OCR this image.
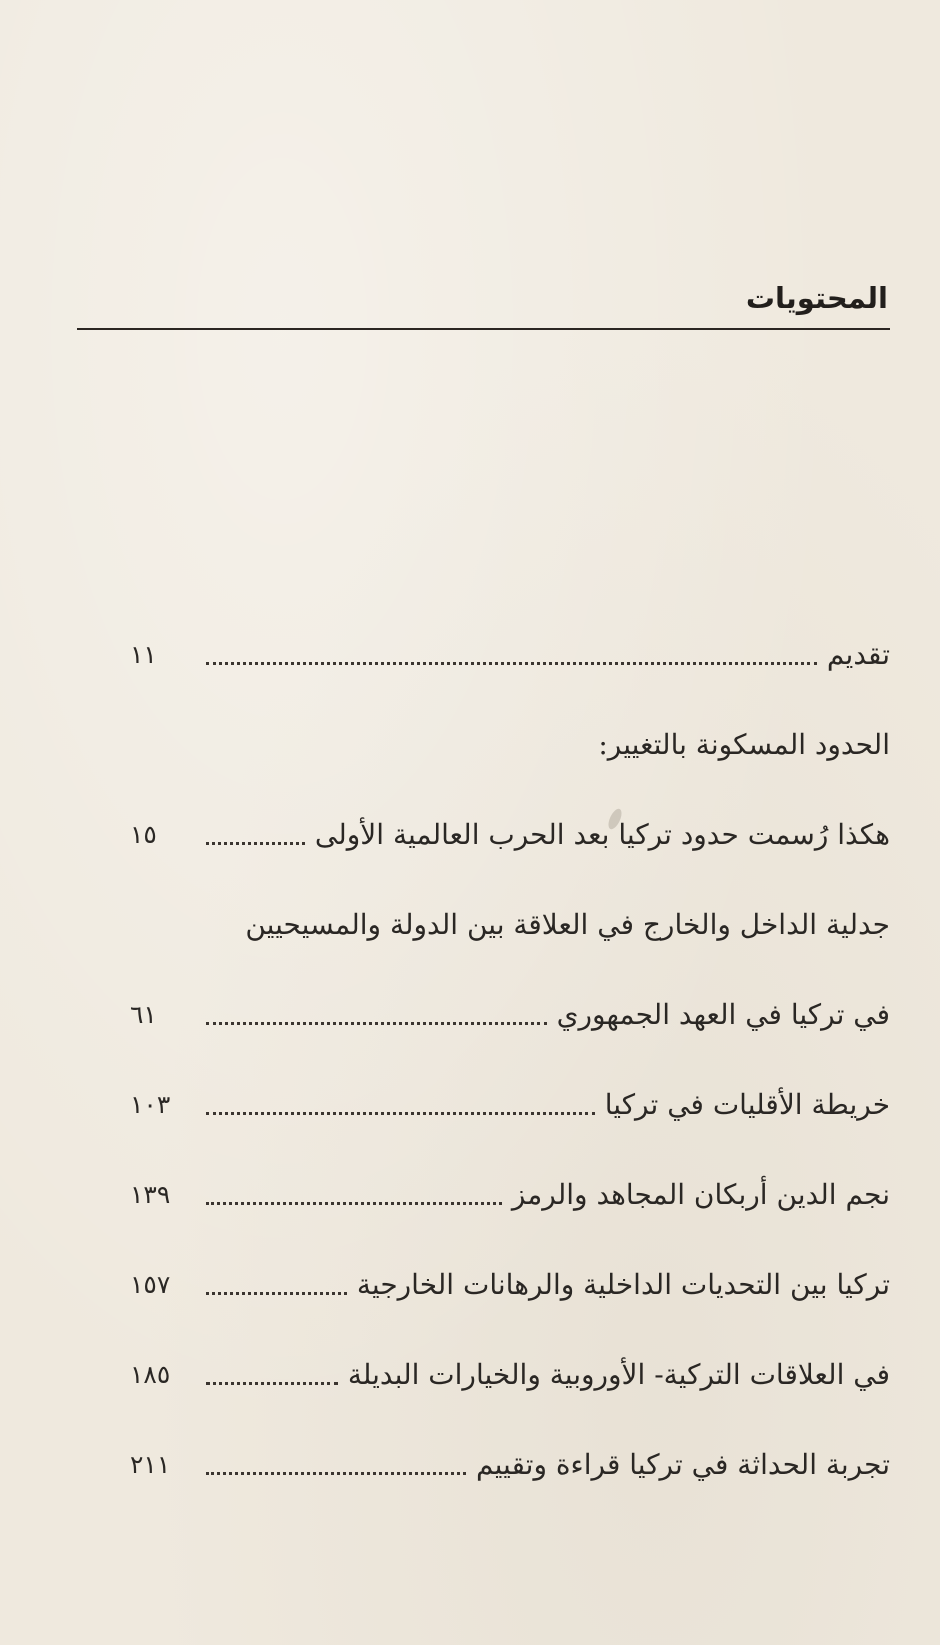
المحتويات
تقديم
١١
الحدود المسكونة بالتغيير:
هكذا رُسمت حدود تركيا بعد الحرب العالمية الأولى
١٥
جدلية الداخل والخارج في العلاقة بين الدولة والمسيحيين
في تركيا في العهد الجمهوري
٦١
خريطة الأقليات في تركيا
١٠٣
نجم الدين أربكان المجاهد والرمز
١٣٩
تركيا بين التحديات الداخلية والرهانات الخارجية
١٥٧
في العلاقات التركية- الأوروبية والخيارات البديلة
١٨٥
تجربة الحداثة في تركيا قراءة وتقييم
٢١١
